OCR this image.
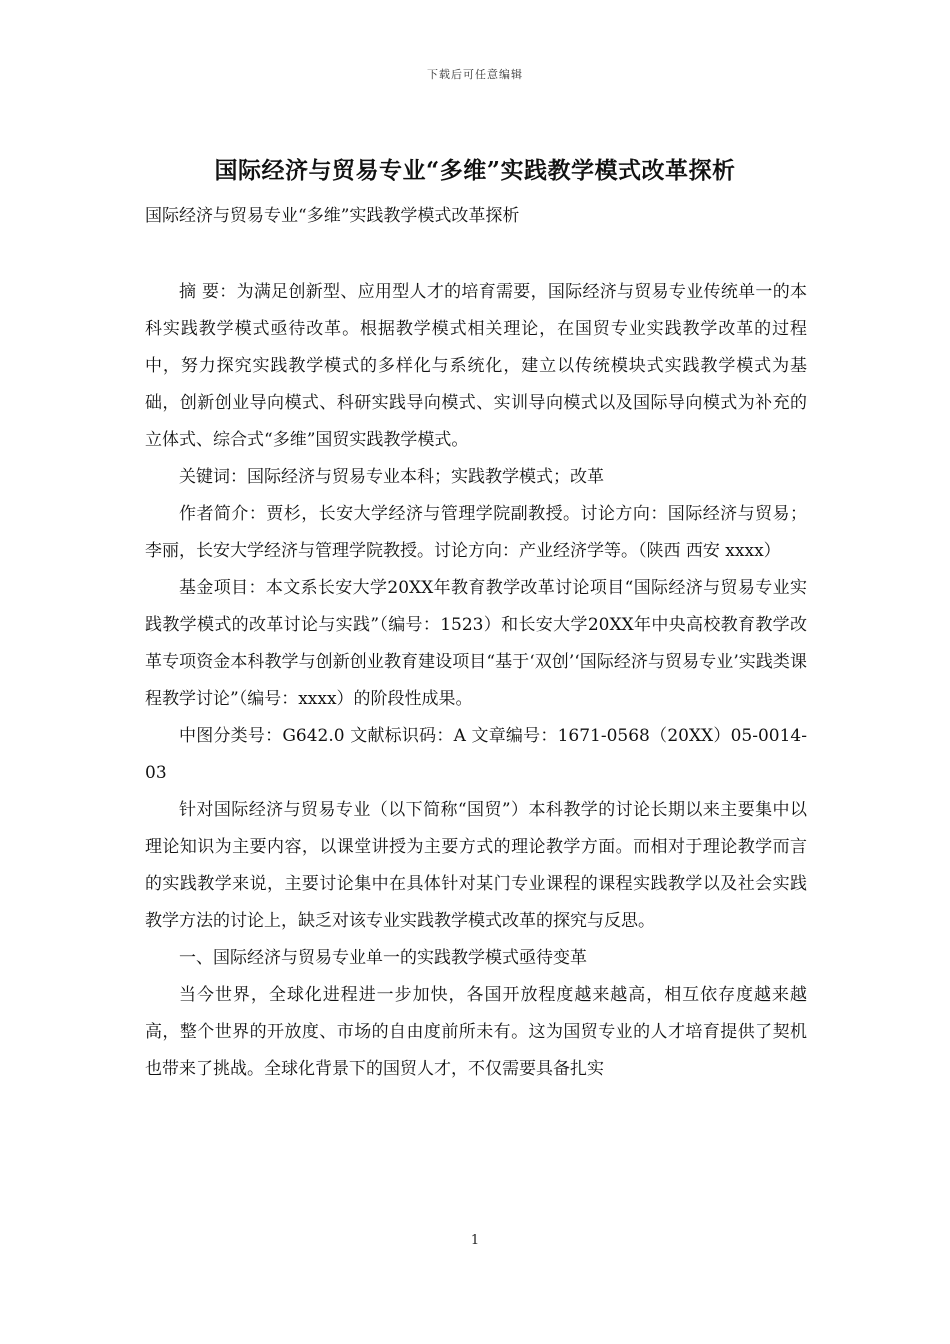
下载后可任意编辑
国际经济与贸易专业“多维”实践教学模式改革探析

国际经济与贸易专业“多维”实践教学模式改革探析

摘 要：为满足创新型、应用型人才的培育需要，国际经济与贸易专业传统单一的本科实践教学模式亟待改革。根据教学模式相关理论，在国贸专业实践教学改革的过程中，努力探究实践教学模式的多样化与系统化，建立以传统模块式实践教学模式为基础，创新创业导向模式、科研实践导向模式、实训导向模式以及国际导向模式为补充的立体式、综合式“多维”国贸实践教学模式。

关键词：国际经济与贸易专业本科；实践教学模式；改革

作者简介：贾杉，长安大学经济与管理学院副教授。讨论方向：国际经济与贸易；李丽，长安大学经济与管理学院教授。讨论方向：产业经济学等。（陕西 西安 xxxx）

基金项目：本文系长安大学20XX年教育教学改革讨论项目“国际经济与贸易专业实践教学模式的改革讨论与实践”（编号：1523）和长安大学20XX年中央高校教育教学改革专项资金本科教学与创新创业教育建设项目“基于‘双创’‘国际经济与贸易专业’实践类课程教学讨论”（编号：xxxx）的阶段性成果。

中图分类号：G642.0 文献标识码：A 文章编号：1671-0568（20XX）05-0014-03

针对国际经济与贸易专业（以下简称“国贸”）本科教学的讨论长期以来主要集中以理论知识为主要内容，以课堂讲授为主要方式的理论教学方面。而相对于理论教学而言的实践教学来说，主要讨论集中在具体针对某门专业课程的课程实践教学以及社会实践教学方法的讨论上，缺乏对该专业实践教学模式改革的探究与反思。

一、国际经济与贸易专业单一的实践教学模式亟待变革

当今世界，全球化进程进一步加快，各国开放程度越来越高，相互依存度越来越高，整个世界的开放度、市场的自由度前所未有。这为国贸专业的人才培育提供了契机也带来了挑战。全球化背景下的国贸人才，不仅需要具备扎实

1
